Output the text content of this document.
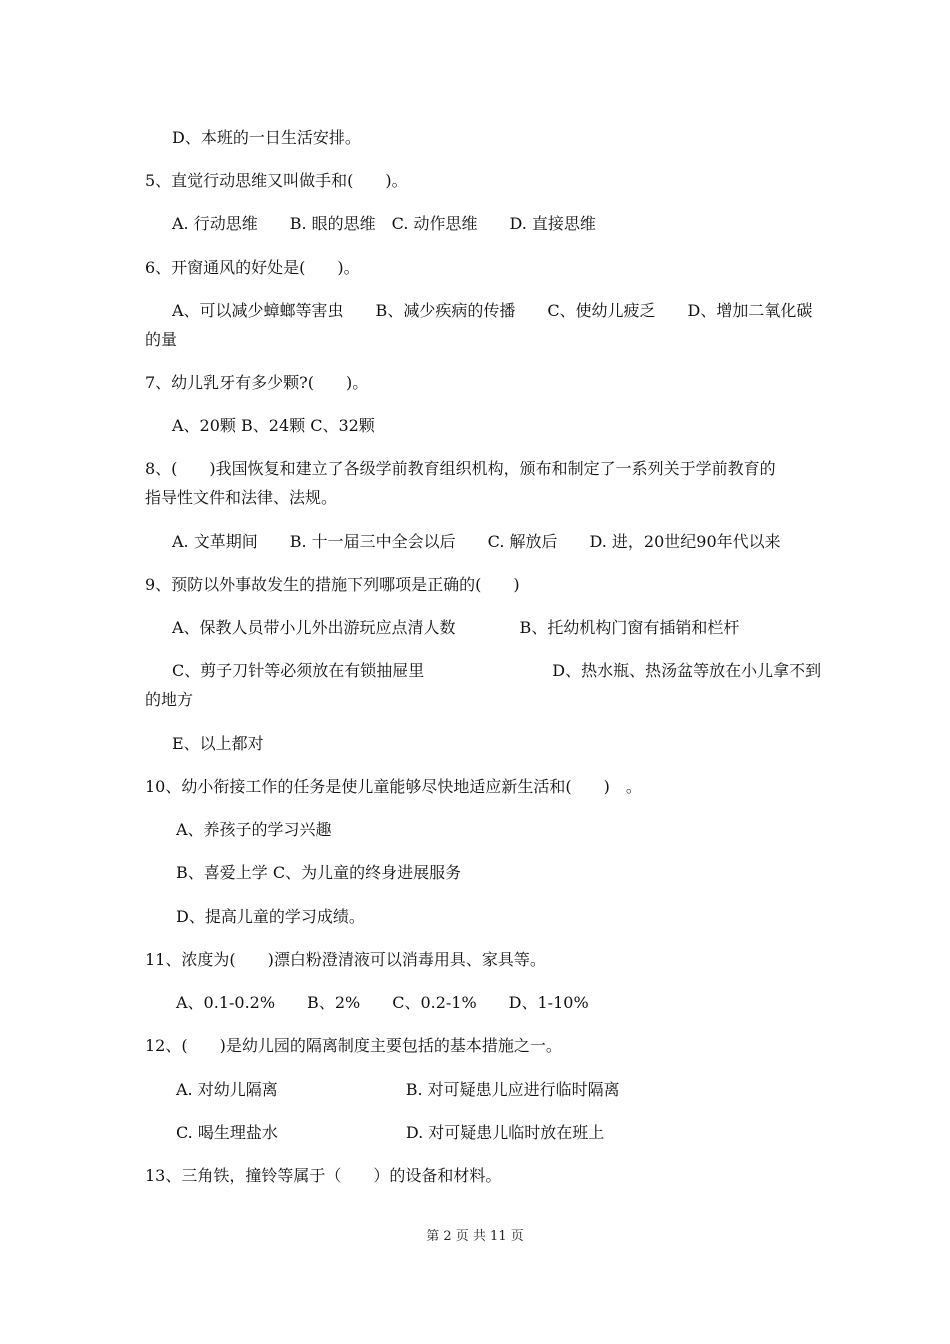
D、本班的一日生活安排。
5、直觉行动思维又叫做手和(　　)。
A. 行动思维　　B. 眼的思维　C. 动作思维　　D. 直接思维
6、开窗通风的好处是(　　)。
A、可以减少蟑螂等害虫　　B、减少疾病的传播　　C、使幼儿疲乏　　D、增加二氧化碳
的量
7、幼儿乳牙有多少颗?(　　)。
A、20颗 B、24颗 C、32颗
8、(　　)我国恢复和建立了各级学前教育组织机构，颁布和制定了一系列关于学前教育的
指导性文件和法律、法规。
A. 文革期间　　B. 十一届三中全会以后　　C. 解放后　　D. 进，20世纪90年代以来
9、预防以外事故发生的措施下列哪项是正确的(　　)
A、保教人员带小儿外出游玩应点清人数　　　　B、托幼机构门窗有插销和栏杆
C、剪子刀针等必须放在有锁抽屉里　　　　　　　　D、热水瓶、热汤盆等放在小儿拿不到
的地方
E、以上都对
10、幼小衔接工作的任务是使儿童能够尽快地适应新生活和(　　)　。
A、养孩子的学习兴趣
B、喜爱上学 C、为儿童的终身进展服务
D、提高儿童的学习成绩。
11、浓度为(　　)漂白粉澄清液可以消毒用具、家具等。
A、0.1-0.2%　　B、2%　　C、0.2-1%　　D、1-10%
12、(　　)是幼儿园的隔离制度主要包括的基本措施之一。
A. 对幼儿隔离　　　　　　　　B. 对可疑患儿应进行临时隔离
C. 喝生理盐水　　　　　　　　D. 对可疑患儿临时放在班上
13、三角铁，撞铃等属于（　　）的设备和材料。
第 2 页 共 11 页
